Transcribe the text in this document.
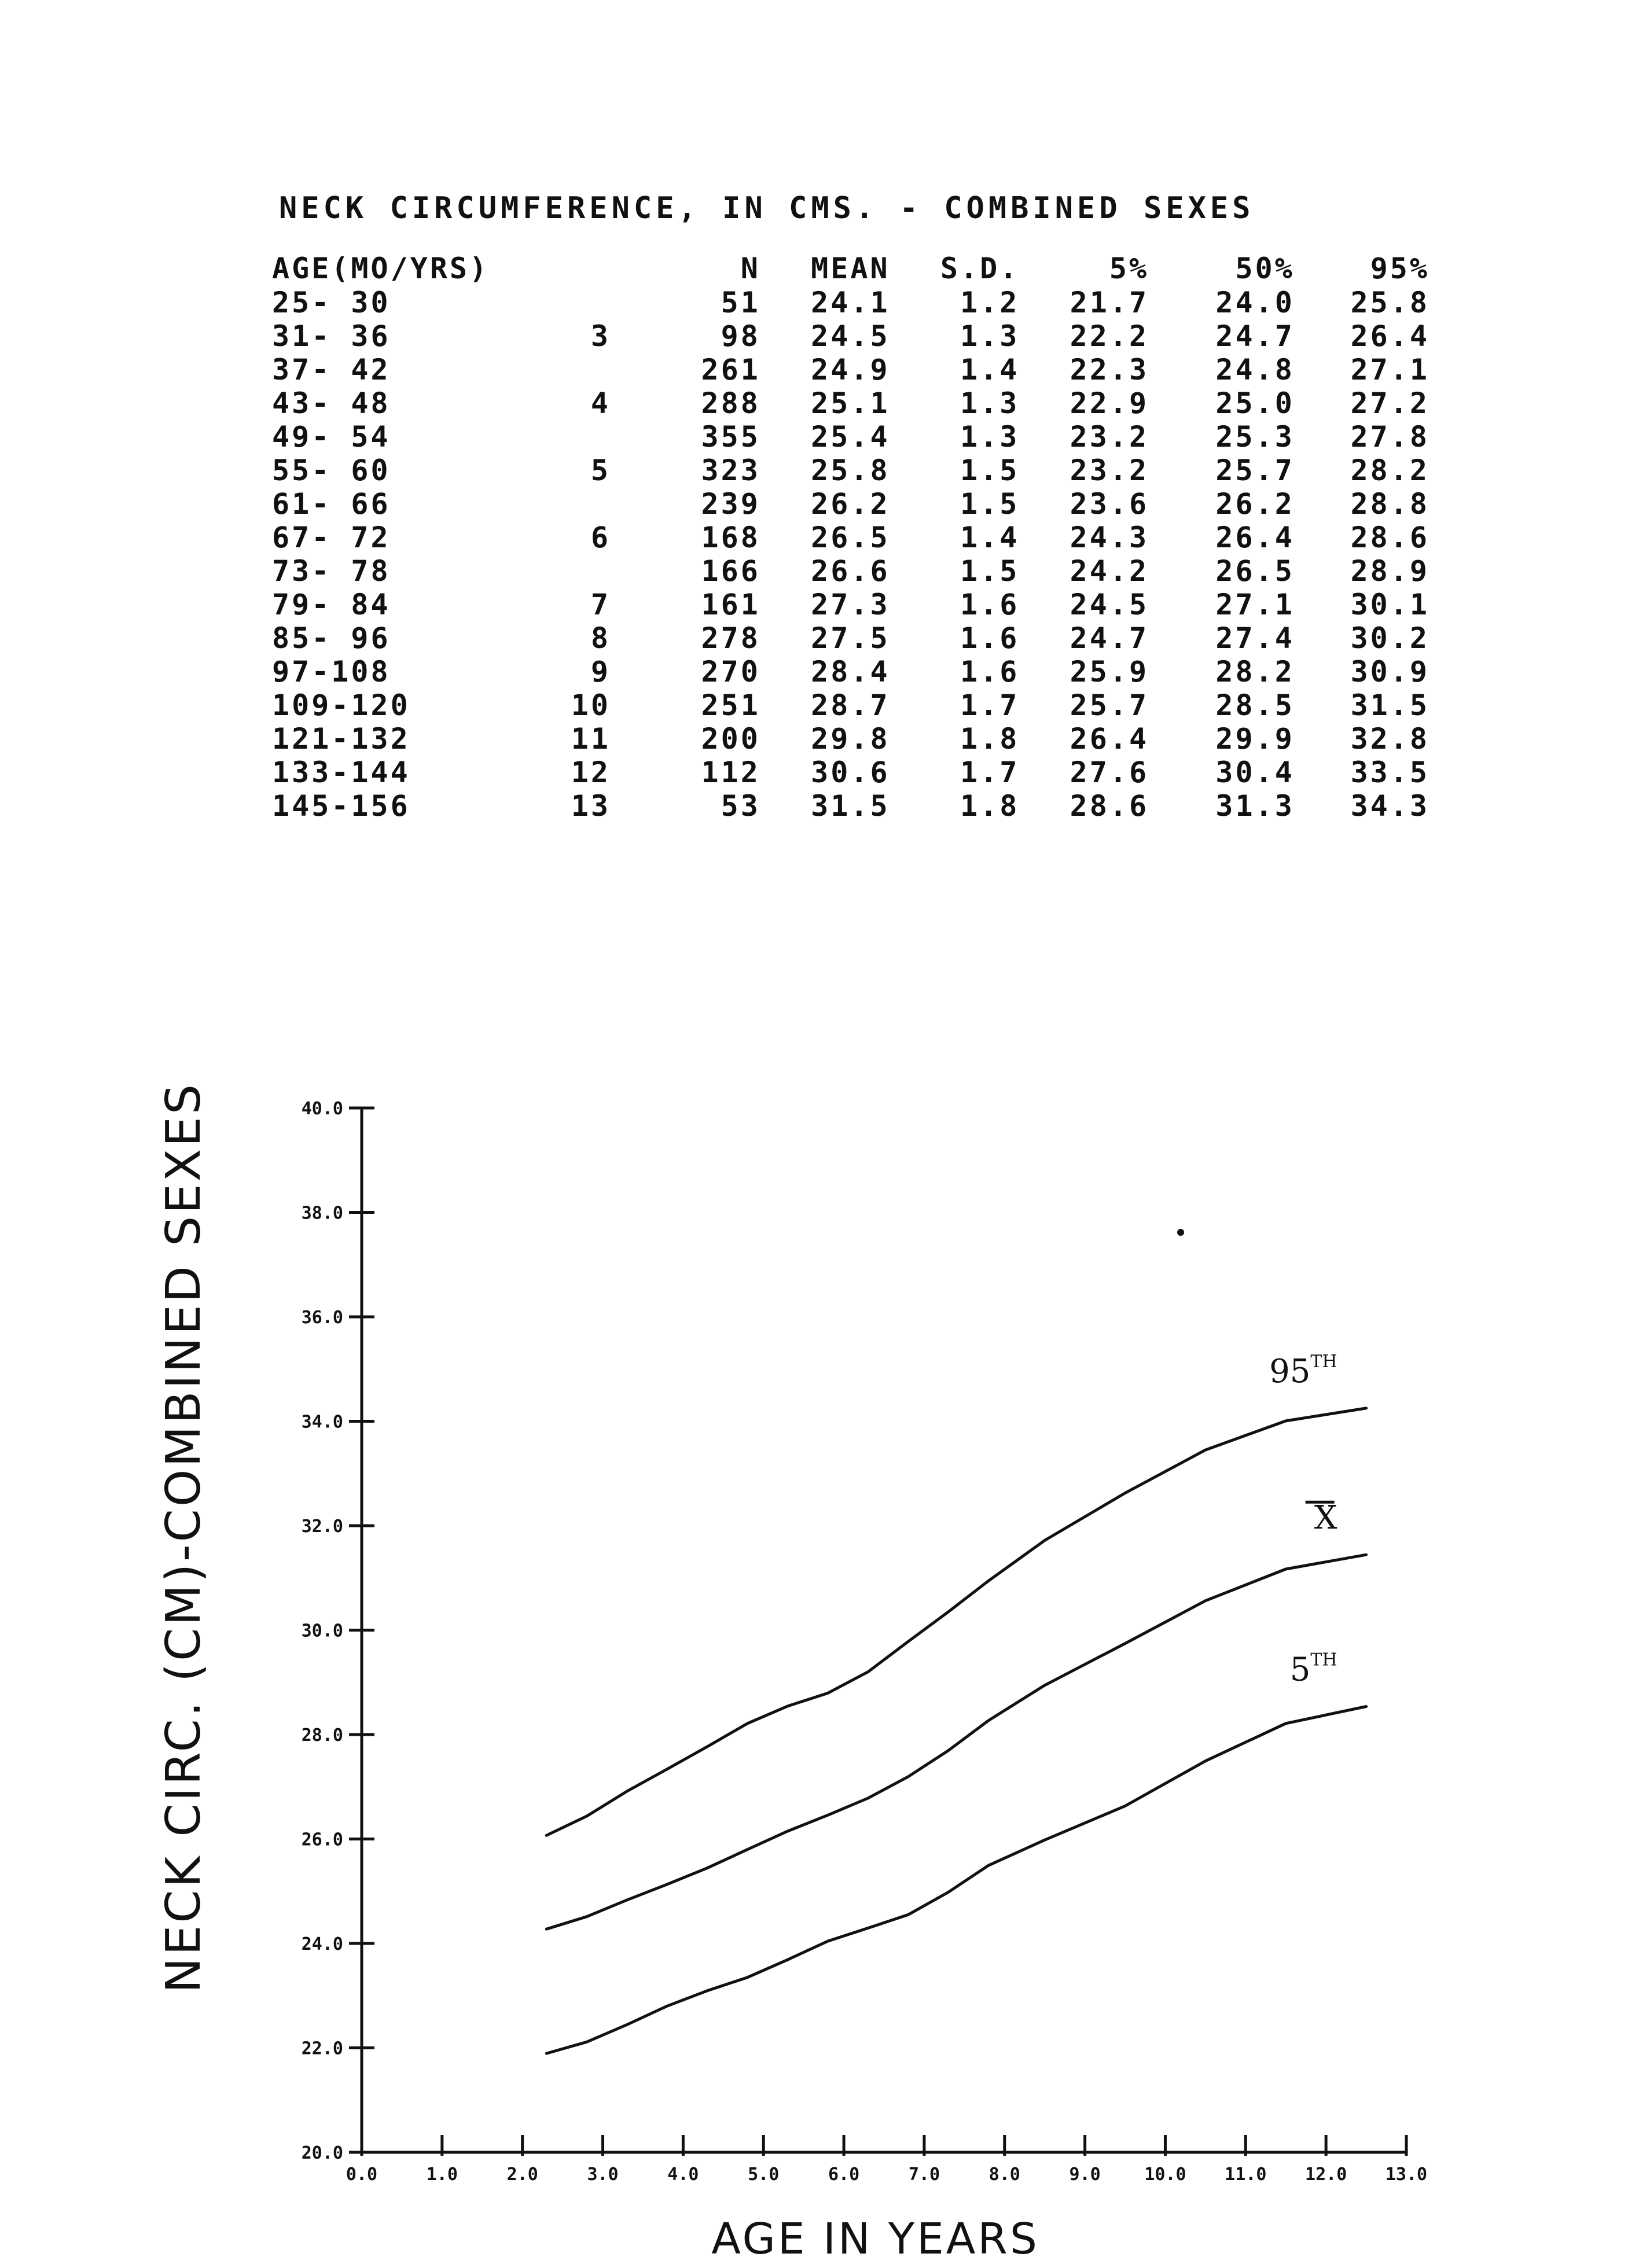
NECK CIRCUMFERENCE, IN CMS. - COMBINED SEXES
AGE(MO/YRS)		N	MEAN	S.D.	5%	50%	95%
25- 30		51	24.1	1.2	21.7	24.0	25.8
31- 36	3	98	24.5	1.3	22.2	24.7	26.4
37- 42		261	24.9	1.4	22.3	24.8	27.1
43- 48	4	288	25.1	1.3	22.9	25.0	27.2
49- 54		355	25.4	1.3	23.2	25.3	27.8
55- 60	5	323	25.8	1.5	23.2	25.7	28.2
61- 66		239	26.2	1.5	23.6	26.2	28.8
67- 72	6	168	26.5	1.4	24.3	26.4	28.6
73- 78		166	26.6	1.5	24.2	26.5	28.9
79- 84	7	161	27.3	1.6	24.5	27.1	30.1
85- 96	8	278	27.5	1.6	24.7	27.4	30.2
97-108	9	270	28.4	1.6	25.9	28.2	30.9
109-120	10	251	28.7	1.7	25.7	28.5	31.5
121-132	11	200	29.8	1.8	26.4	29.9	32.8
133-144	12	112	30.6	1.7	27.6	30.4	33.5
145-156	13	53	31.5	1.8	28.6	31.3	34.3
20.0
22.0
24.0
26.0
28.0
30.0
32.0
34.0
36.0
38.0
40.0
0.0	1.0	2.0	3.0	4.0	5.0	6.0	7.0	8.0	9.0	10.0 11.0 12.0 13.0
95TH
X
5TH
AGE IN YEARS
NECK CIRC. (CM)-COMBINED SEXES
